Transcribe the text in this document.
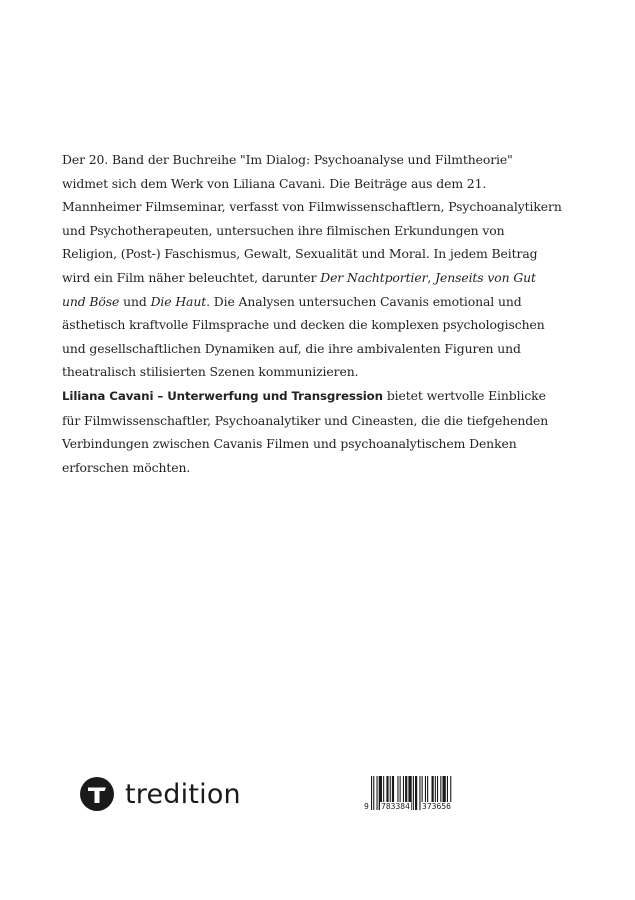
Der 20. Band der Buchreihe "Im Dialog: Psychoanalyse und Filmtheorie" widmet sich dem Werk von Liliana Cavani. Die Beiträge aus dem 21. Mannheimer Filmseminar, verfasst von Filmwissenschaftlern, Psychoanalytikern und Psychotherapeuten, untersuchen ihre filmischen Erkundungen von Religion, (Post-) Faschismus, Gewalt, Sexualität und Moral. In jedem Beitrag wird ein Film näher beleuchtet, darunter Der Nachtportier, Jenseits von Gut und Böse und Die Haut. Die Analysen untersuchen Cavanis emotional und ästhetisch kraftvolle Filmsprache und decken die komplexen psychologischen und gesellschaftlichen Dynamiken auf, die ihre ambivalenten Figuren und theatralisch stilisierten Szenen kommunizieren.

Liliana Cavani – Unterwerfung und Transgression bietet wertvolle Einblicke für Filmwissenschaftler, Psychoanalytiker und Cineasten, die die tiefgehenden Verbindungen zwischen Cavanis Filmen und psychoanalytischem Denken erforschen möchten.

tredition	9 783384 373656
